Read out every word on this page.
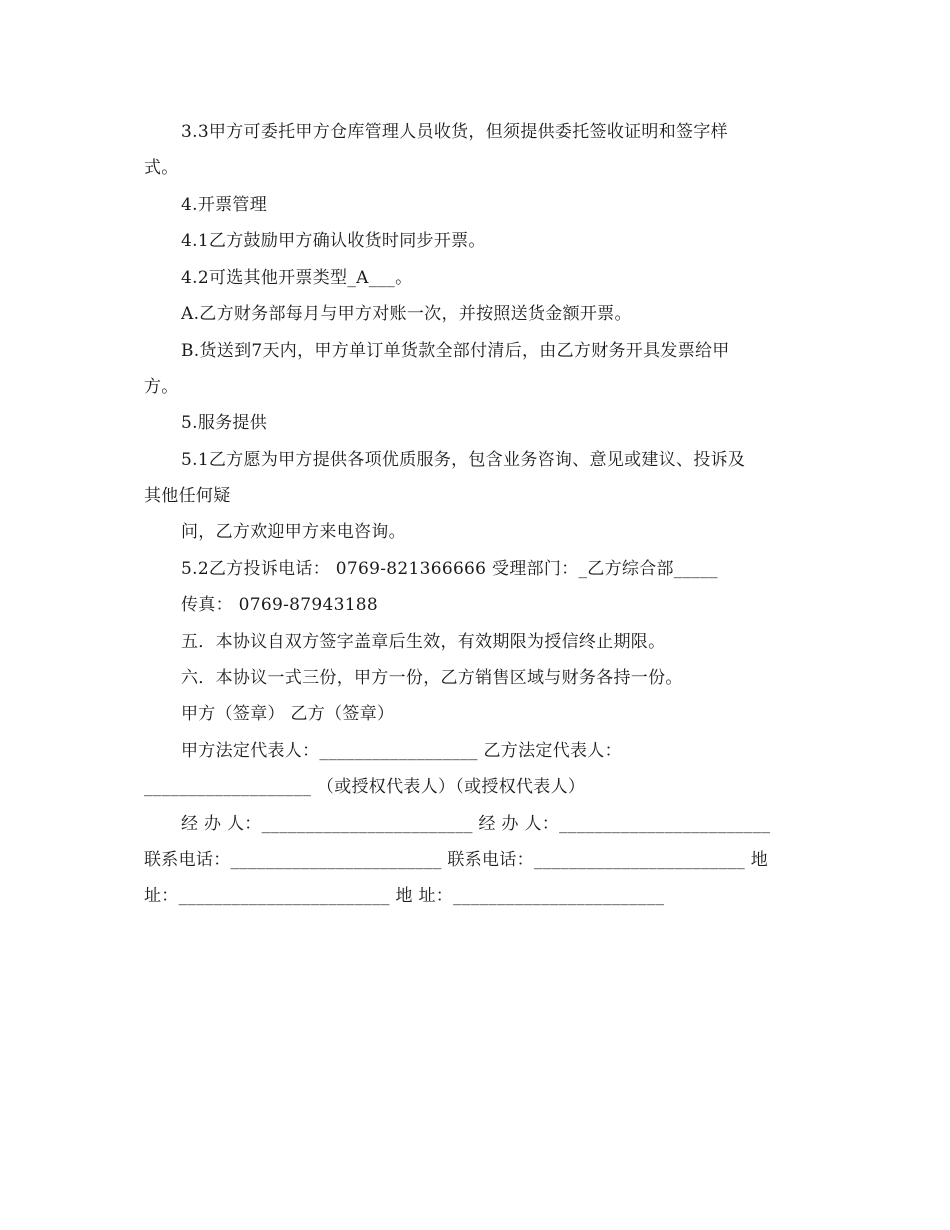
3.3甲方可委托甲方仓库管理人员收货，但须提供委托签收证明和签字样
式。
4.开票管理
4.1乙方鼓励甲方确认收货时同步开票。
4.2可选其他开票类型_A___。
A.乙方财务部每月与甲方对账一次，并按照送货金额开票。
B.货送到7天内，甲方单订单货款全部付清后，由乙方财务开具发票给甲
方。
5.服务提供
5.1乙方愿为甲方提供各项优质服务，包含业务咨询、意见或建议、投诉及
其他任何疑
问，乙方欢迎甲方来电咨询。
5.2乙方投诉电话： 0769-821366666 受理部门：_乙方综合部_____
传真： 0769-87943188
五．本协议自双方签字盖章后生效，有效期限为授信终止期限。
六．本协议一式三份，甲方一份，乙方销售区域与财务各持一份。
甲方（签章） 乙方（签章）
甲方法定代表人：__________________ 乙方法定代表人：
___________________ （或授权代表人）（或授权代表人）
经 办 人：________________________ 经 办 人：________________________
联系电话：________________________ 联系电话：________________________ 地
址：________________________ 地 址：________________________
